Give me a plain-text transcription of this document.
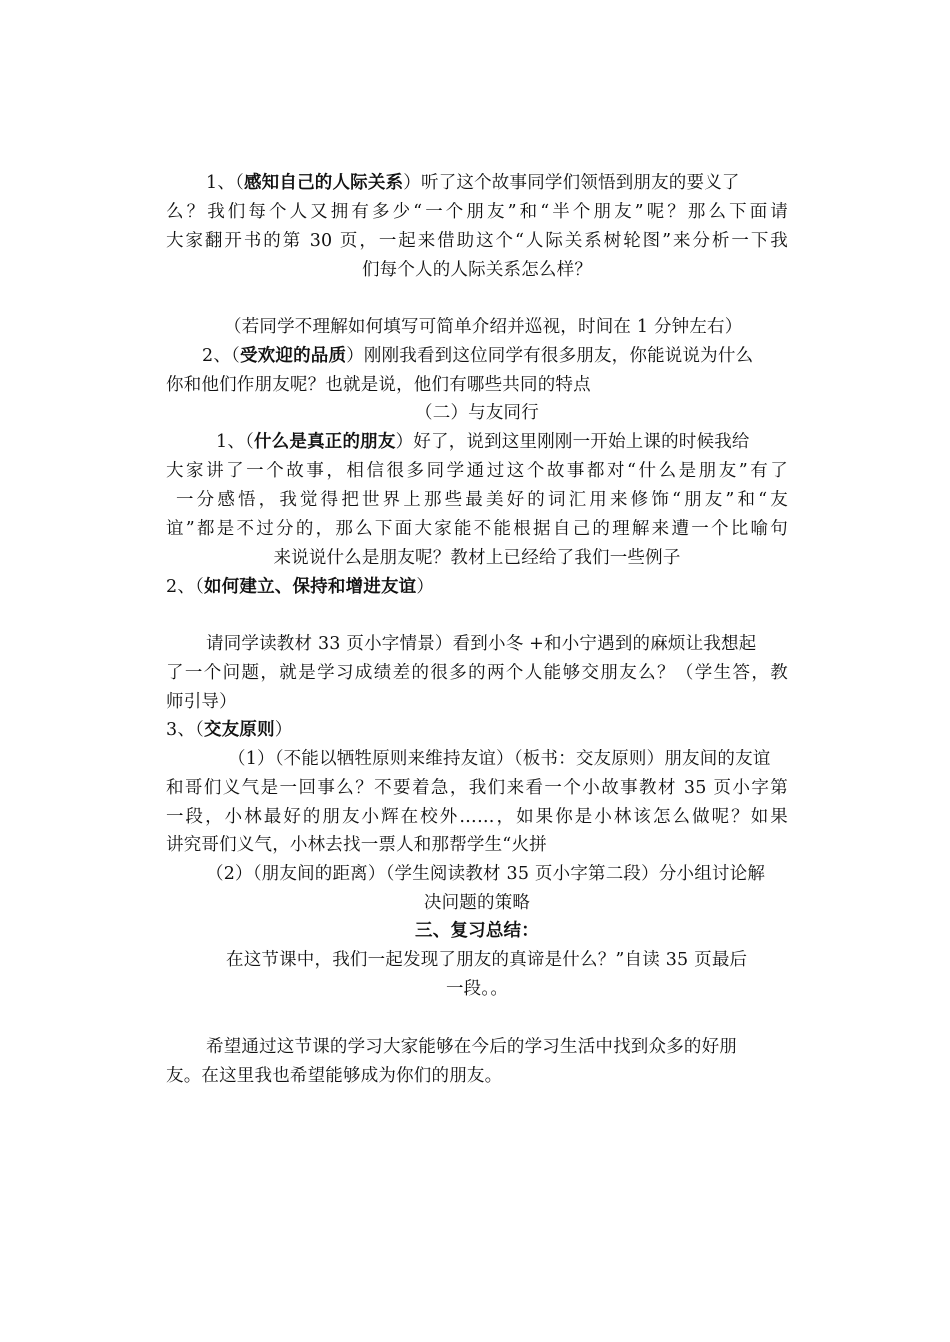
1、（感知自己的人际关系）听了这个故事同学们领悟到朋友的要义了
么？我们每个人又拥有多少“一个朋友”和“半个朋友”呢？那么下面请
大家翻开书的第 30 页，一起来借助这个“人际关系树轮图”来分析一下我
们每个人的人际关系怎么样？
（若同学不理解如何填写可简单介绍并巡视，时间在 1 分钟左右）
2、（受欢迎的品质）刚刚我看到这位同学有很多朋友，你能说说为什么
你和他们作朋友呢？也就是说，他们有哪些共同的特点
（二）与友同行
1、（什么是真正的朋友）好了，说到这里刚刚一开始上课的时候我给
大家讲了一个故事，相信很多同学通过这个故事都对“什么是朋友”有了
一分感悟，我觉得把世界上那些最美好的词汇用来修饰“朋友”和“友
谊”都是不过分的，那么下面大家能不能根据自己的理解来遭一个比喻句
来说说什么是朋友呢？教材上已经给了我们一些例子
2、（如何建立、保持和增进友谊）
请同学读教材 33 页小字情景）看到小冬 +和小宁遇到的麻烦让我想起
了一个问题，就是学习成绩差的很多的两个人能够交朋友么？（学生答，教
师引导）
3、（交友原则）
（1）（不能以牺牲原则来维持友谊）（板书：交友原则）朋友间的友谊
和哥们义气是一回事么？不要着急，我们来看一个小故事教材 35 页小字第
一段，小林最好的朋友小辉在校外……，如果你是小林该怎么做呢？如果
讲究哥们义气，小林去找一票人和那帮学生“火拼
（2）（朋友间的距离）（学生阅读教材 35 页小字第二段）分小组讨论解
决问题的策略
三、复习总结：
在这节课中，我们一起发现了朋友的真谛是什么？”自读 35 页最后
一段。。
希望通过这节课的学习大家能够在今后的学习生活中找到众多的好朋
友。在这里我也希望能够成为你们的朋友。
